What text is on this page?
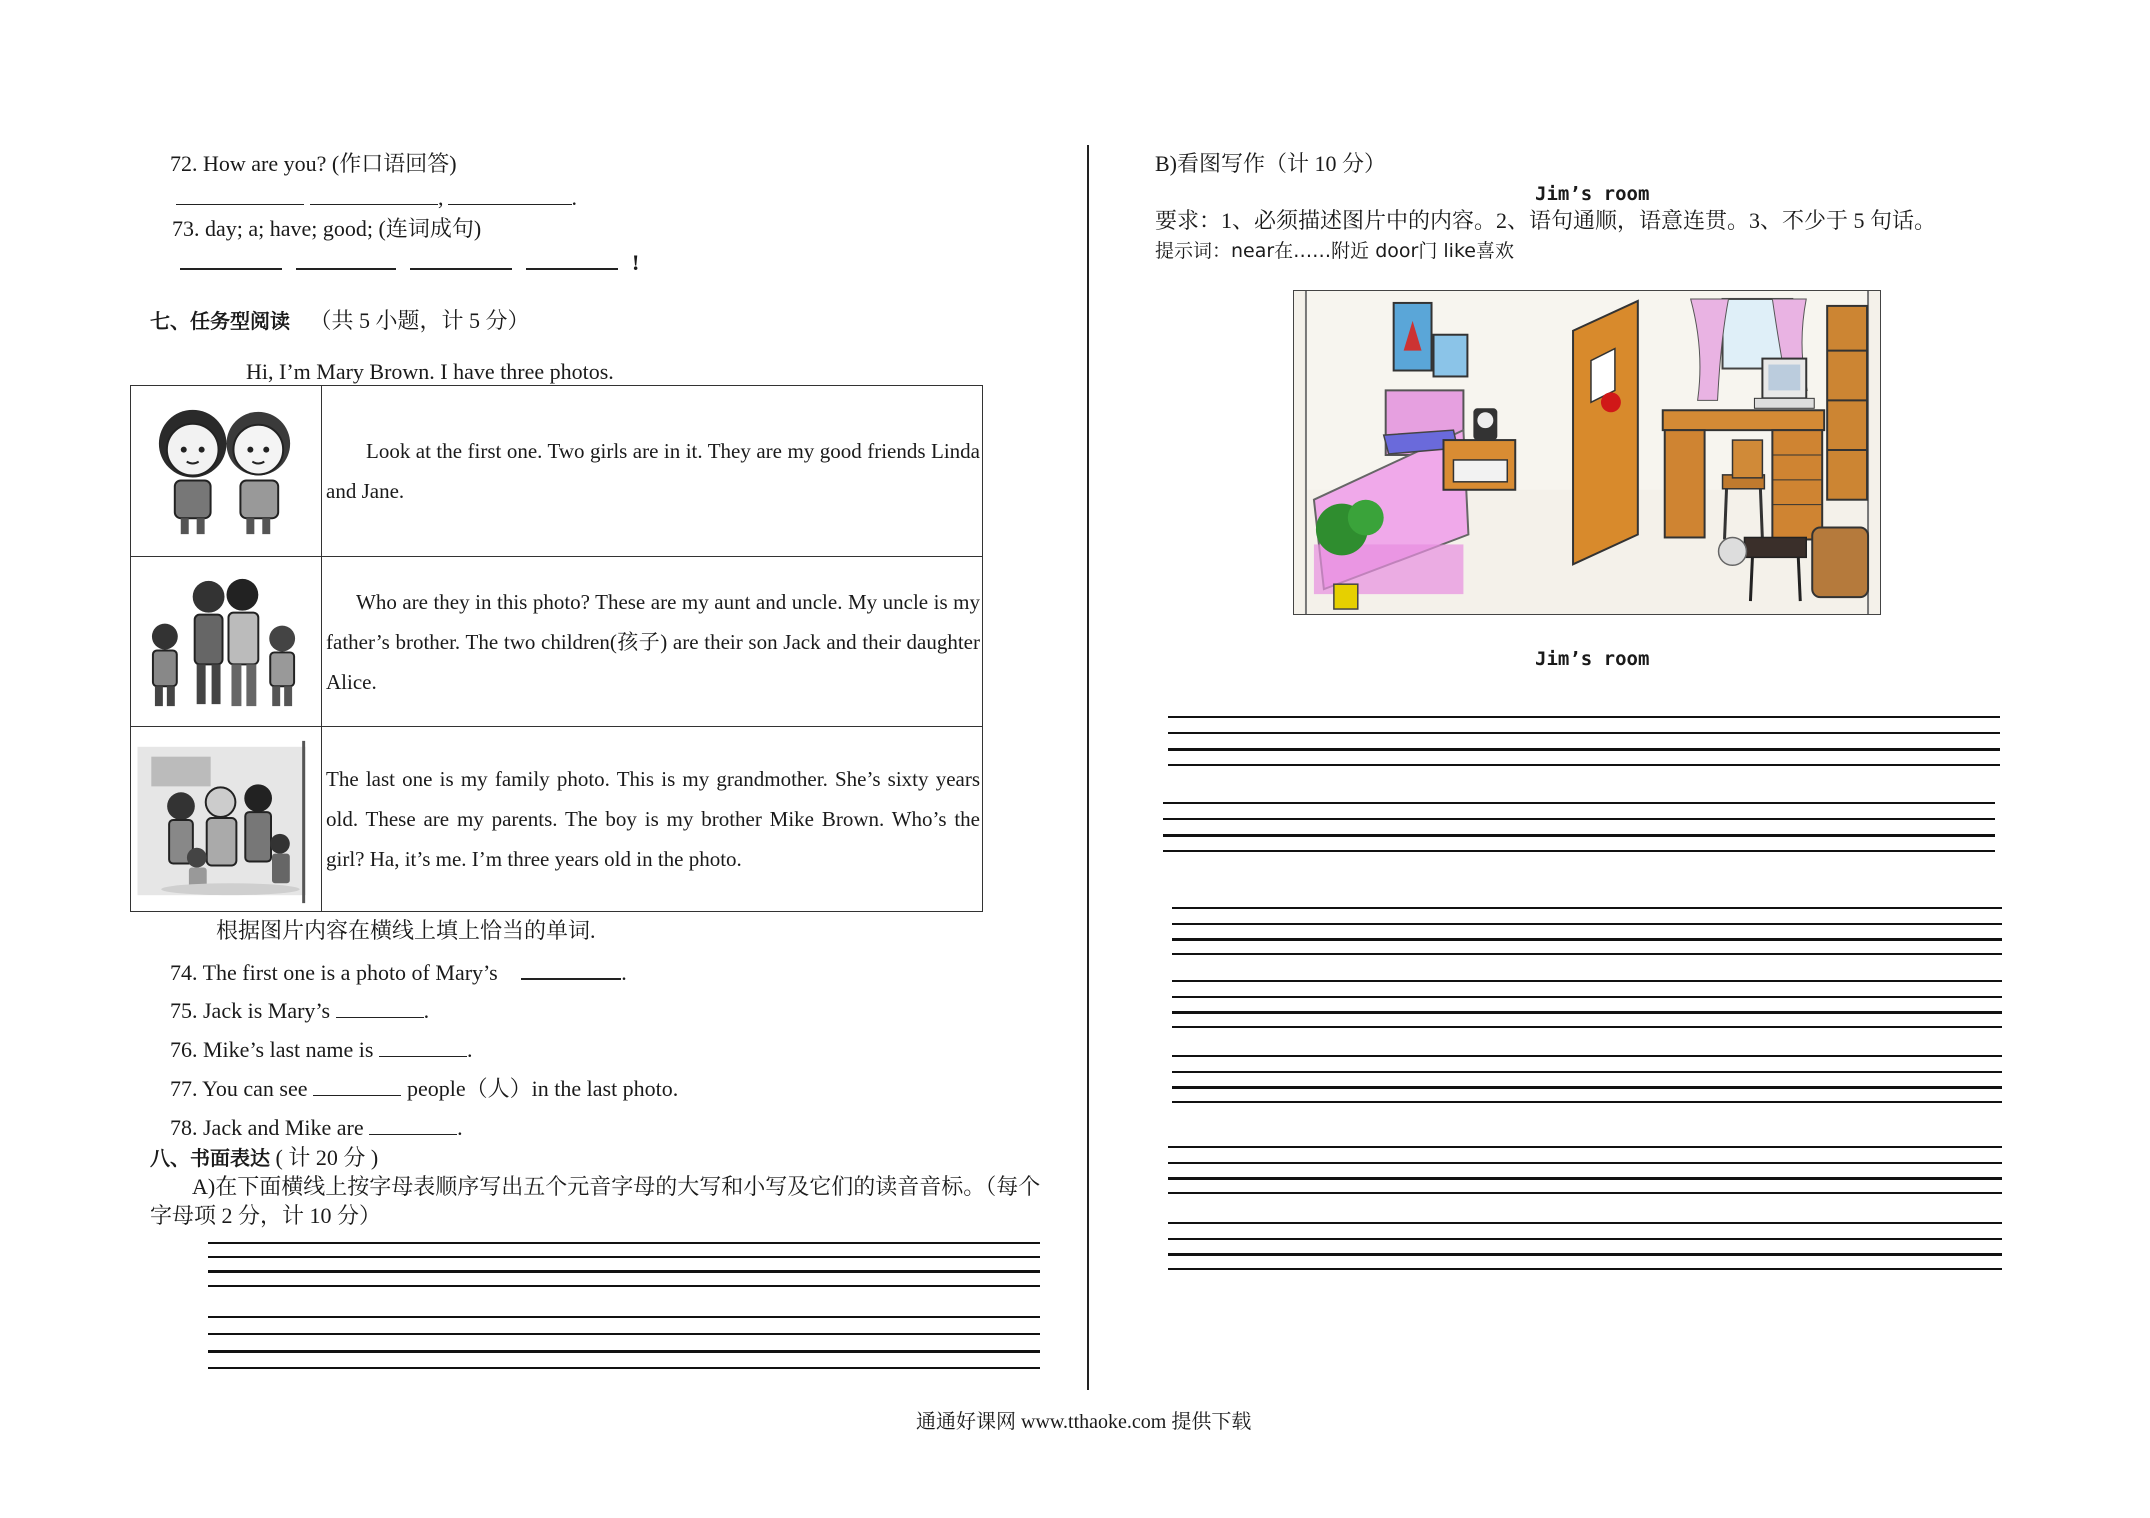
72. How are you? (作口语回答)
,	.
73. day; a; have; good; (连词成句)
!
七、任务型阅读 （共 5 小题，计 5 分）
Hi, I’m Mary Brown. I have three photos.

Look at the first one. Two girls are in it. They are my good friends Linda and Jane.

Who are they in this photo? These are my aunt and uncle. My uncle is my father’s brother. The two children(孩子) are their son Jack and their daughter Alice.

The last one is my family photo. This is my grandmother. She’s sixty years old. These are my parents. The boy is my brother Mike Brown. Who’s the girl? Ha, it’s me. I’m three years old in the photo.

根据图片内容在横线上填上恰当的单词.
74. The first one is a photo of Mary’s	.
75. Jack is Mary’s	.
76. Mike’s last name is	.
77. You can see	people（人）in the last photo.
78. Jack and Mike are	.
八、书面表达 ( 计 20 分 )
A)在下面横线上按字母表顺序写出五个元音字母的大写和小写及它们的读音音标。（每个
字母项 2 分，计 10 分）
B)看图写作（计 10 分）
Jim’s room
要求：1、必须描述图片中的内容。2、语句通顺，语意连贯。3、不少于 5 句话。
提示词：near在……附近 door门 like喜欢
Jim’s room
通通好课网 www.tthaoke.com 提供下载
